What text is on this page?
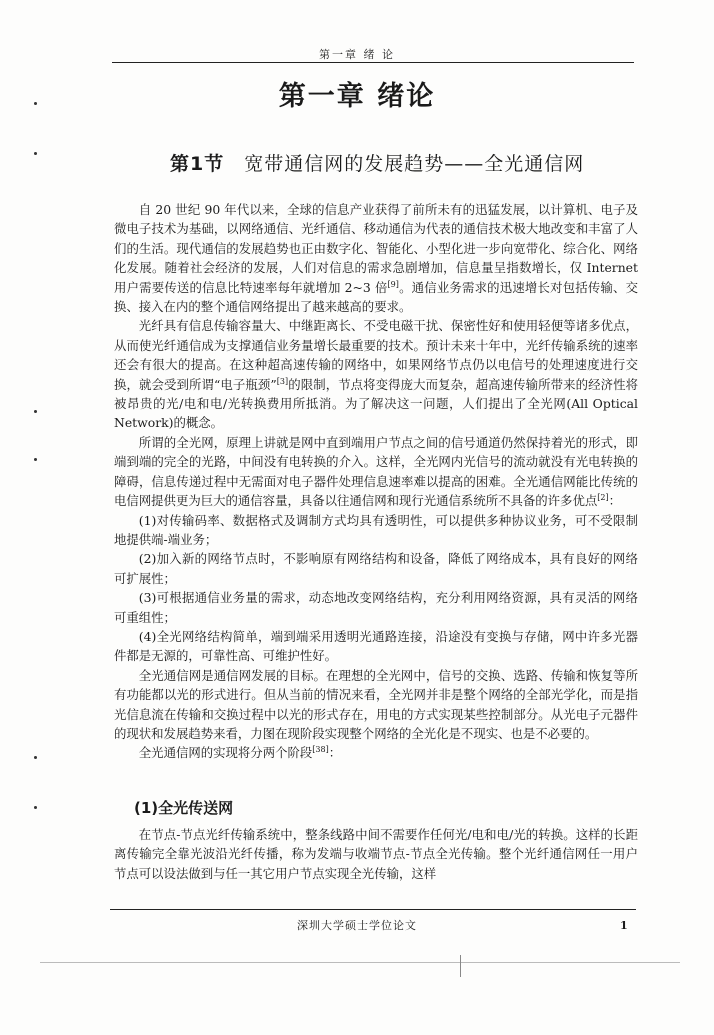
第一章 绪 论
第一章 绪论
第1节 宽带通信网的发展趋势——全光通信网

自 20 世纪 90 年代以来，全球的信息产业获得了前所未有的迅猛发展，以计算机、电子及微电子技术为基础，以网络通信、光纤通信、移动通信为代表的通信技术极大地改变和丰富了人们的生活。现代通信的发展趋势也正由数字化、智能化、小型化进一步向宽带化、综合化、网络化发展。随着社会经济的发展，人们对信息的需求急剧增加，信息量呈指数增长，仅 Internet 用户需要传送的信息比特速率每年就增加 2~3 倍[9]。通信业务需求的迅速增长对包括传输、交换、接入在内的整个通信网络提出了越来越高的要求。

光纤具有信息传输容量大、中继距离长、不受电磁干扰、保密性好和使用轻便等诸多优点，从而使光纤通信成为支撑通信业务量增长最重要的技术。预计未来十年中，光纤传输系统的速率还会有很大的提高。在这种超高速传输的网络中，如果网络节点仍以电信号的处理速度进行交换，就会受到所谓“电子瓶颈”[3]的限制，节点将变得庞大而复杂，超高速传输所带来的经济性将被昂贵的光/电和电/光转换费用所抵消。为了解决这一问题，人们提出了全光网(All Optical Network)的概念。

所谓的全光网，原理上讲就是网中直到端用户节点之间的信号通道仍然保持着光的形式，即端到端的完全的光路，中间没有电转换的介入。这样，全光网内光信号的流动就没有光电转换的障碍，信息传递过程中无需面对电子器件处理信息速率难以提高的困难。全光通信网能比传统的电信网提供更为巨大的通信容量，具备以往通信网和现行光通信系统所不具备的许多优点[2]：

(1)对传输码率、数据格式及调制方式均具有透明性，可以提供多种协议业务，可不受限制地提供端-端业务；

(2)加入新的网络节点时，不影响原有网络结构和设备，降低了网络成本，具有良好的网络可扩展性；

(3)可根据通信业务量的需求，动态地改变网络结构，充分利用网络资源，具有灵活的网络可重组性；

(4)全光网络结构简单，端到端采用透明光通路连接，沿途没有变换与存储，网中许多光器件都是无源的，可靠性高、可维护性好。

全光通信网是通信网发展的目标。在理想的全光网中，信号的交换、选路、传输和恢复等所有功能都以光的形式进行。但从当前的情况来看，全光网并非是整个网络的全部光学化，而是指光信息流在传输和交换过程中以光的形式存在，用电的方式实现某些控制部分。从光电子元器件的现状和发展趋势来看，力图在现阶段实现整个网络的全光化是不现实、也是不必要的。

全光通信网的实现将分两个阶段[38]：

(1)全光传送网

在节点-节点光纤传输系统中，整条线路中间不需要作任何光/电和电/光的转换。这样的长距离传输完全靠光波沿光纤传播，称为发端与收端节点-节点全光传输。整个光纤通信网任一用户节点可以设法做到与任一其它用户节点实现全光传输，这样

深圳大学硕士学位论文	1
